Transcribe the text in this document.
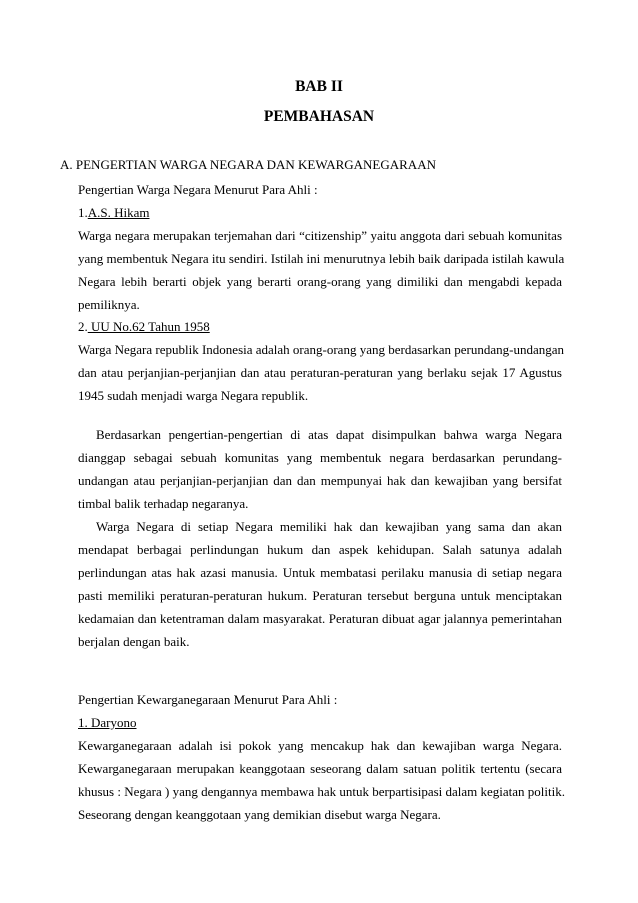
BAB II
PEMBAHASAN
A. PENGERTIAN WARGA NEGARA DAN KEWARGANEGARAAN
Pengertian Warga Negara Menurut Para Ahli :
1.A.S. Hikam
Warga negara merupakan terjemahan dari “citizenship” yaitu anggota dari sebuah komunitas
yang membentuk Negara itu sendiri. Istilah ini menurutnya lebih baik daripada istilah kawula
Negara lebih berarti objek yang berarti orang-orang yang dimiliki dan mengabdi kepada
pemiliknya.
2. UU No.62 Tahun 1958
Warga Negara republik Indonesia adalah orang-orang yang berdasarkan perundang-undangan
dan atau perjanjian-perjanjian dan atau peraturan-peraturan yang berlaku sejak 17 Agustus
1945 sudah menjadi warga Negara republik.
Berdasarkan pengertian-pengertian di atas dapat disimpulkan bahwa warga Negara
dianggap sebagai sebuah komunitas yang membentuk negara berdasarkan perundang-
undangan atau perjanjian-perjanjian dan dan mempunyai hak dan kewajiban yang bersifat
timbal balik terhadap negaranya.
Warga Negara di setiap Negara memiliki hak dan kewajiban yang sama dan akan
mendapat berbagai perlindungan hukum dan aspek kehidupan. Salah satunya adalah
perlindungan atas hak azasi manusia. Untuk membatasi perilaku manusia di setiap negara
pasti memiliki peraturan-peraturan hukum. Peraturan tersebut berguna untuk menciptakan
kedamaian dan ketentraman dalam masyarakat. Peraturan dibuat agar jalannya pemerintahan
berjalan dengan baik.
Pengertian Kewarganegaraan Menurut Para Ahli :
1. Daryono
Kewarganegaraan adalah isi pokok yang mencakup hak dan kewajiban warga Negara.
Kewarganegaraan merupakan keanggotaan seseorang dalam satuan politik tertentu (secara
khusus : Negara ) yang dengannya membawa hak untuk berpartisipasi dalam kegiatan politik.
Seseorang dengan keanggotaan yang demikian disebut warga Negara.
